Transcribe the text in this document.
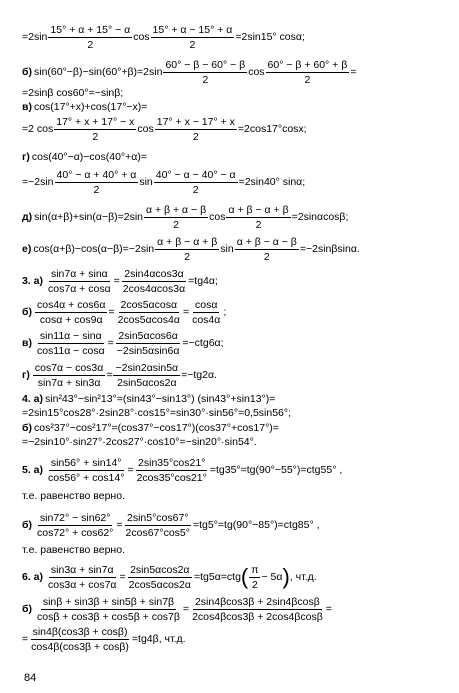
$=2\sin \frac{15^\circ + \alpha + 15^\circ - \alpha}{2}$ $\cos \frac{15^\circ + \alpha - 15^\circ + \alpha}{2} =2\sin 15^\circ$ cosα;
б) $\sin(60^\circ-\beta)-\sin(60^\circ+\beta)=2\sin \frac{60^\circ - \beta - 60^\circ - \beta}{2}$ $\cos \frac{60^\circ - \beta + 60^\circ + \beta}{2}$ =
=2sinβ cos60°=−sinβ;
в) cos(17°+x)+cos(17°−x)=
=2 $\cos \frac{17^\circ + x + 17^\circ - x}{2}$ $\cos \frac{17^\circ + x - 17^\circ + x}{2} =2\cos 17^\circ\cos x$;
г) cos(40°−α)−cos(40°+α)=
$=-2\sin \frac{40^\circ - \alpha + 40^\circ + \alpha}{2}$ $\sin \frac{40^\circ - \alpha - 40^\circ - \alpha}{2} =2\sin 40^\circ$ sinα;
д) $\sin(\alpha+\beta)+\sin(\alpha-\beta)=2\sin \frac{\alpha + \beta + \alpha - \beta}{2}$ $\cos \frac{\alpha + \beta - \alpha + \beta}{2} =2\sin\alpha\cos\beta$;
е) $\cos(\alpha+\beta)-\cos(\alpha-\beta)=-2\sin \frac{\alpha + \beta - \alpha + \beta}{2}$ $\sin \frac{\alpha + \beta - \alpha - \beta}{2} =-2\sin\beta\sin\alpha$.
3. $а) \frac{\sin 7\alpha + \sin\alpha}{\cos 7\alpha + \cos\alpha} = \frac{2\sin 4\alpha\cos 3\alpha}{2\cos 4\alpha\cos 3\alpha} =tg4\alpha$;
$б) \frac{\cos 4\alpha + \cos 6\alpha}{\cos\alpha + \cos 9\alpha} = \frac{2\cos 5\alpha\cos\alpha}{2\cos 5\alpha\cos 4\alpha} = \frac{\cos\alpha}{\cos 4\alpha}$ ;
$в) \frac{\sin 11\alpha - \sin\alpha}{\cos 11\alpha - \cos\alpha} = \frac{2\sin 5\alpha\cos 6\alpha}{-2\sin 5\alpha\sin 6\alpha} =-ctg6\alpha$;
$г) \frac{\cos 7\alpha - \cos 3\alpha}{\sin 7\alpha + \sin 3\alpha} = \frac{-2\sin 2\alpha\sin 5\alpha}{2\sin 5\alpha\cos 2\alpha} =-tg2\alpha$.
4. а) sin²43°−sin²13°=(sin43°−sin13°) (sin43°+sin13°)=
=2sin15°cos28°·2sin28°·cos15°=sin30°·sin56°=0,5sin56°;
б) cos²37°−cos²17°=(cos37°−cos17°)(cos37°+cos17°)=
=−2sin10°·sin27°·2cos27°·cos10°=−sin20°·sin54°.
5. $а) \frac{\sin 56^\circ + \sin 14^\circ}{\cos 56^\circ + \cos 14^\circ} = \frac{2\sin 35^\circ\cos 21^\circ}{2\cos 35^\circ\cos 21^\circ} =tg35^\circ=tg(90^\circ-55^\circ)=ctg55^\circ$ ,
т.е. равенство верно.
$б) \frac{\sin 72^\circ - \sin 62^\circ}{\cos 72^\circ + \cos 62^\circ} = \frac{2\sin 5^\circ\cos 67^\circ}{2\cos 67^\circ\cos 5^\circ} =tg5^\circ=tg(90^\circ-85^\circ)=ctg85^\circ$ ,
т.е. равенство верно.
6. $а) \frac{\sin 3\alpha + \sin 7\alpha}{\cos 3\alpha + \cos 7\alpha} = \frac{2\sin 5\alpha\cos 2\alpha}{2\cos 5\alpha\cos 2\alpha} =tg5\alpha=ctg$ ( $\frac{\pi}{2} - 5\alpha$ ) , чт.д.
$б) \frac{\sin\beta + \sin 3\beta + \sin 5\beta + \sin 7\beta}{\cos\beta + \cos 3\beta + \cos 5\beta + \cos 7\beta} = \frac{2\sin 4\beta\cos 3\beta + 2\sin 4\beta\cos\beta}{2\cos 4\beta\cos 3\beta + 2\cos 4\beta\cos\beta}$ =
= $\frac{\sin 4\beta(\cos 3\beta + \cos\beta)}{\cos 4\beta(\cos 3\beta + \cos\beta)} =tg4\beta$, чт.д.
84
